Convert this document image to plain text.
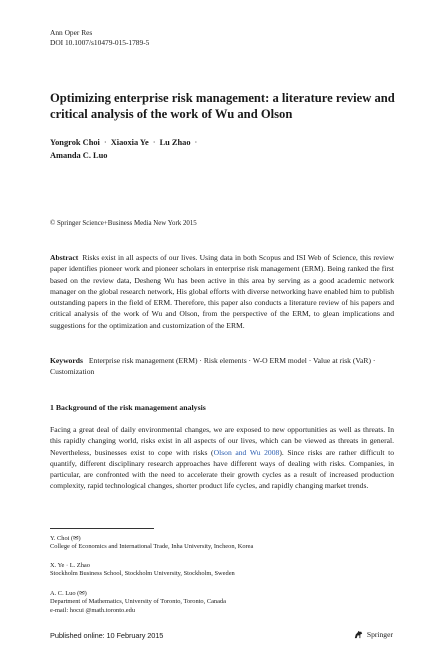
Ann Oper Res
DOI 10.1007/s10479-015-1789-5
Optimizing enterprise risk management: a literature review and critical analysis of the work of Wu and Olson
Yongrok Choi · Xiaoxia Ye · Lu Zhao ·
Amanda C. Luo
© Springer Science+Business Media New York 2015
Abstract Risks exist in all aspects of our lives. Using data in both Scopus and ISI Web of Science, this review paper identifies pioneer work and pioneer scholars in enterprise risk management (ERM). Being ranked the first based on the review data, Desheng Wu has been active in this area by serving as a good academic network manager on the global research network, His global efforts with diverse networking have enabled him to publish outstanding papers in the field of ERM. Therefore, this paper also conducts a literature review of his papers and critical analysis of the work of Wu and Olson, from the perspective of the ERM, to glean implications and suggestions for the optimization and customization of the ERM.
Keywords Enterprise risk management (ERM) · Risk elements · W-O ERM model · Value at risk (VaR) · Customization
1 Background of the risk management analysis
Facing a great deal of daily environmental changes, we are exposed to new opportunities as well as threats. In this rapidly changing world, risks exist in all aspects of our lives, which can be viewed as threats in general. Nevertheless, businesses exist to cope with risks (Olson and Wu 2008). Since risks are rather difficult to quantify, different disciplinary research approaches have different ways of dealing with risks. Companies, in particular, are confronted with the need to accelerate their growth cycles as a result of increased production complexity, rapid technological changes, shorter product life cycles, and rapidly changing market trends.
Y. Choi (✉)
College of Economics and International Trade, Inha University, Incheon, Korea
X. Ye · L. Zhao
Stockholm Business School, Stockholm University, Stockholm, Sweden
A. C. Luo (✉)
Department of Mathematics, University of Toronto, Toronto, Canada
e-mail: hocui @math.toronto.edu
Published online: 10 February 2015	Springer
